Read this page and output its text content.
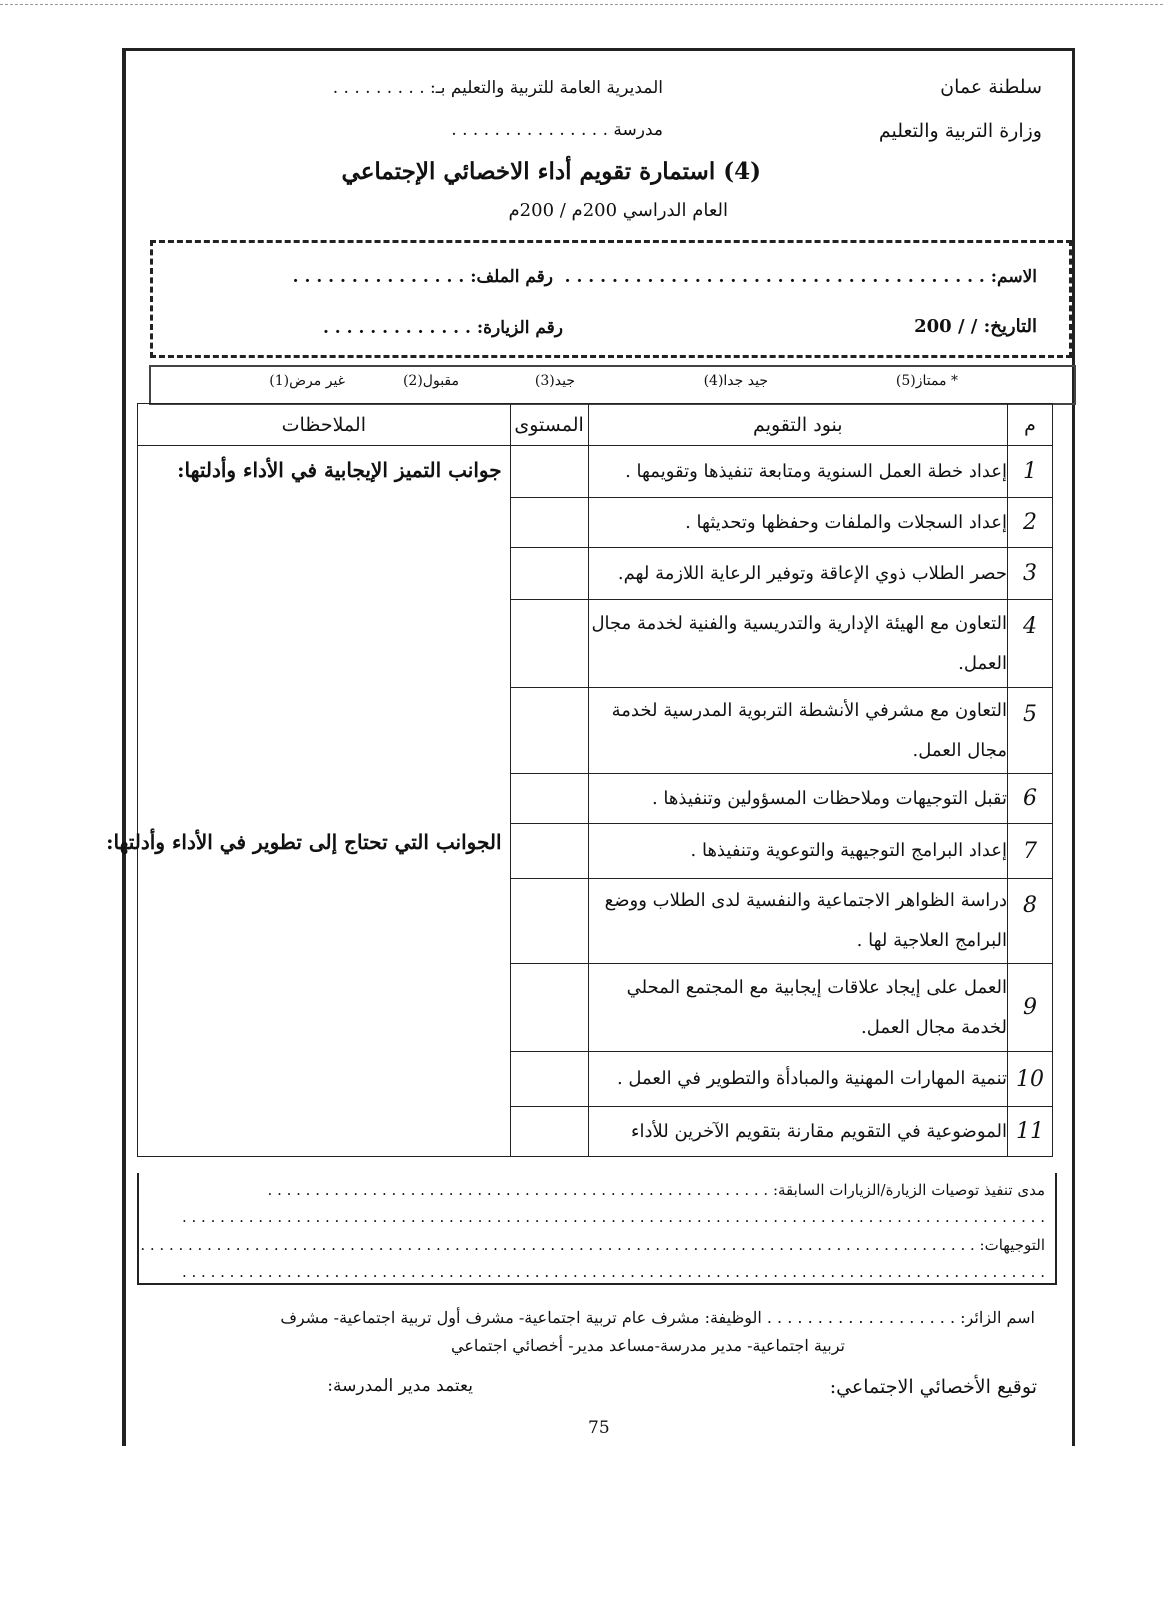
سلطنة عمان
وزارة التربية والتعليم
المديرية العامة للتربية والتعليم بـ: . . . . . . . . .
مدرسة . . . . . . . . . . . . . . .
(4) استمارة تقويم أداء الاخصائي الإجتماعي
العام الدراسي 200م / 200م
الاسم: . . . . . . . . . . . . . . . . . . . . . . . . . . . . . . . . . . . .
رقم الملف: . . . . . . . . . . . . . . .
التاريخ: / / 200
رقم الزيارة: . . . . . . . . . . . . .
* ممتاز(5)
جيد جدا(4)
جيد(3)
مقبول(2)
غير مرض(1)
م	بنود التقويم	المستوى	الملاحظات
1	إعداد خطة العمل السنوية ومتابعة تنفيذها وتقويمها .		جوانب التميز الإيجابية في الأداء وأدلتها:
الجوانب التي تحتاج إلى تطوير في الأداء وأدلتها:

2	إعداد السجلات والملفات وحفظها وتحديثها .		
3	حصر الطلاب ذوي الإعاقة وتوفير الرعاية اللازمة لهم.		
4	التعاون مع الهيئة الإدارية والتدريسية والفنية لخدمة مجال العمل.		
5	التعاون مع مشرفي الأنشطة التربوية المدرسية لخدمة مجال العمل.		
6	تقبل التوجيهات وملاحظات المسؤولين وتنفيذها .		
7	إعداد البرامج التوجيهية والتوعوية وتنفيذها .		
8	دراسة الظواهر الاجتماعية والنفسية لدى الطلاب ووضع البرامج العلاجية لها .		
9	العمل على إيجاد علاقات إيجابية مع المجتمع المحلي لخدمة مجال العمل.		
10	تنمية المهارات المهنية والمبادأة والتطوير في العمل .		
11	الموضوعية في التقويم مقارنة بتقويم الآخرين للأداء		
مدى تنفيذ توصيات الزيارة/الزيارات السابقة: . . . . . . . . . . . . . . . . . . . . . . . . . . . . . . . . . . . . . . . . . . . . . . . . . . . . .
. . . . . . . . . . . . . . . . . . . . . . . . . . . . . . . . . . . . . . . . . . . . . . . . . . . . . . . . . . . . . . . . . . . . . . . . . . . . . . . . . . . . . . . . . . .
التوجيهات: . . . . . . . . . . . . . . . . . . . . . . . . . . . . . . . . . . . . . . . . . . . . . . . . . . . . . . . . . . . . . . . . . . . . . . . . . . . . . . . . . . . . . . . .
. . . . . . . . . . . . . . . . . . . . . . . . . . . . . . . . . . . . . . . . . . . . . . . . . . . . . . . . . . . . . . . . . . . . . . . . . . . . . . . . . . . . . . . . . . .
اسم الزائر: . . . . . . . . . . . . . . . . . . . الوظيفة: مشرف عام تربية اجتماعية- مشرف أول تربية اجتماعية- مشرف
تربية اجتماعية- مدير مدرسة-مساعد مدير- أخصائي اجتماعي
توقيع الأخصائي الاجتماعي:
يعتمد مدير المدرسة:
75
